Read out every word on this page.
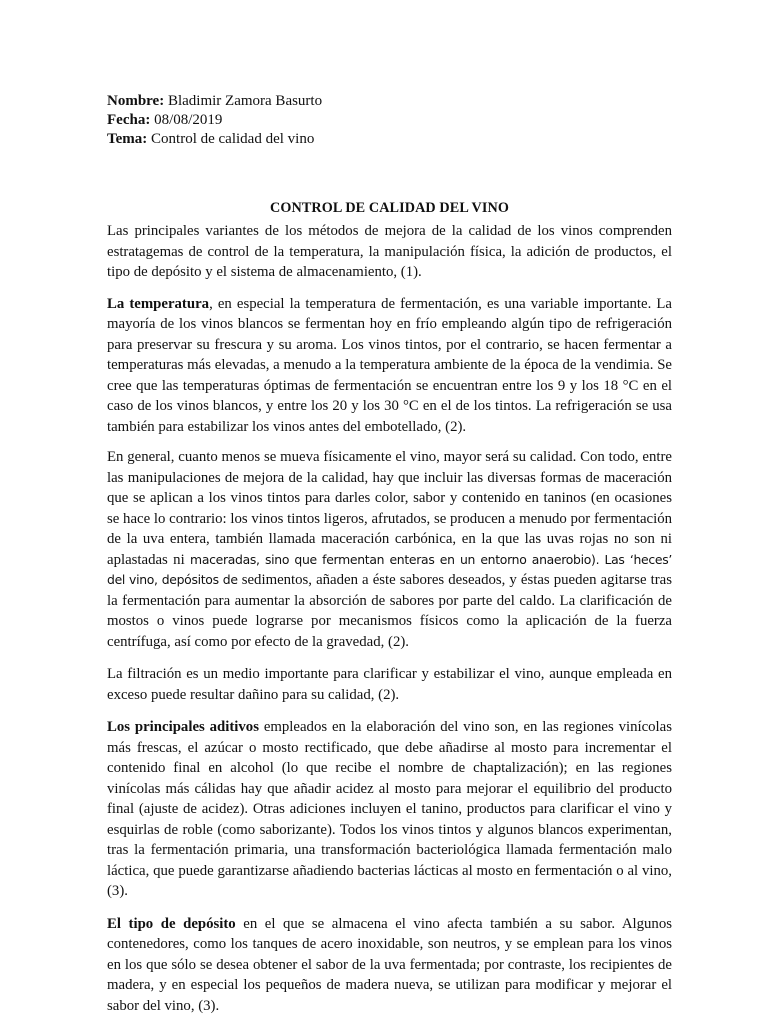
Nombre: Bladimir Zamora Basurto
Fecha: 08/08/2019
Tema: Control de calidad del vino
CONTROL DE CALIDAD DEL VINO

Las principales variantes de los métodos de mejora de la calidad de los vinos comprenden estratagemas de control de la temperatura, la manipulación física, la adición de productos, el tipo de depósito y el sistema de almacenamiento, (1).

La temperatura, en especial la temperatura de fermentación, es una variable importante. La mayoría de los vinos blancos se fermentan hoy en frío empleando algún tipo de refrigeración para preservar su frescura y su aroma. Los vinos tintos, por el contrario, se hacen fermentar a temperaturas más elevadas, a menudo a la temperatura ambiente de la época de la vendimia. Se cree que las temperaturas óptimas de fermentación se encuentran entre los 9 y los 18 °C en el caso de los vinos blancos, y entre los 20 y los 30 °C en el de los tintos. La refrigeración se usa también para estabilizar los vinos antes del embotellado, (2).

En general, cuanto menos se mueva físicamente el vino, mayor será su calidad. Con todo, entre las manipulaciones de mejora de la calidad, hay que incluir las diversas formas de maceración que se aplican a los vinos tintos para darles color, sabor y contenido en taninos (en ocasiones se hace lo contrario: los vinos tintos ligeros, afrutados, se producen a menudo por fermentación de la uva entera, también llamada maceración carbónica, en la que las uvas rojas no son ni aplastadas ni maceradas, sino que fermentan enteras en un entorno anaerobio). Las ‘heces’ del vino, depósitos de sedimentos, añaden a éste sabores deseados, y éstas pueden agitarse tras la fermentación para aumentar la absorción de sabores por parte del caldo. La clarificación de mostos o vinos puede lograrse por mecanismos físicos como la aplicación de la fuerza centrífuga, así como por efecto de la gravedad, (2).

La filtración es un medio importante para clarificar y estabilizar el vino, aunque empleada en exceso puede resultar dañino para su calidad, (2).

Los principales aditivos empleados en la elaboración del vino son, en las regiones vinícolas más frescas, el azúcar o mosto rectificado, que debe añadirse al mosto para incrementar el contenido final en alcohol (lo que recibe el nombre de chaptalización); en las regiones vinícolas más cálidas hay que añadir acidez al mosto para mejorar el equilibrio del producto final (ajuste de acidez). Otras adiciones incluyen el tanino, productos para clarificar el vino y esquirlas de roble (como saborizante). Todos los vinos tintos y algunos blancos experimentan, tras la fermentación primaria, una transformación bacteriológica llamada fermentación malo láctica, que puede garantizarse añadiendo bacterias lácticas al mosto en fermentación o al vino, (3).

El tipo de depósito en el que se almacena el vino afecta también a su sabor. Algunos contenedores, como los tanques de acero inoxidable, son neutros, y se emplean para los vinos en los que sólo se desea obtener el sabor de la uva fermentada; por contraste, los recipientes de madera, y en especial los pequeños de madera nueva, se utilizan para modificar y mejorar el sabor del vino, (3).
